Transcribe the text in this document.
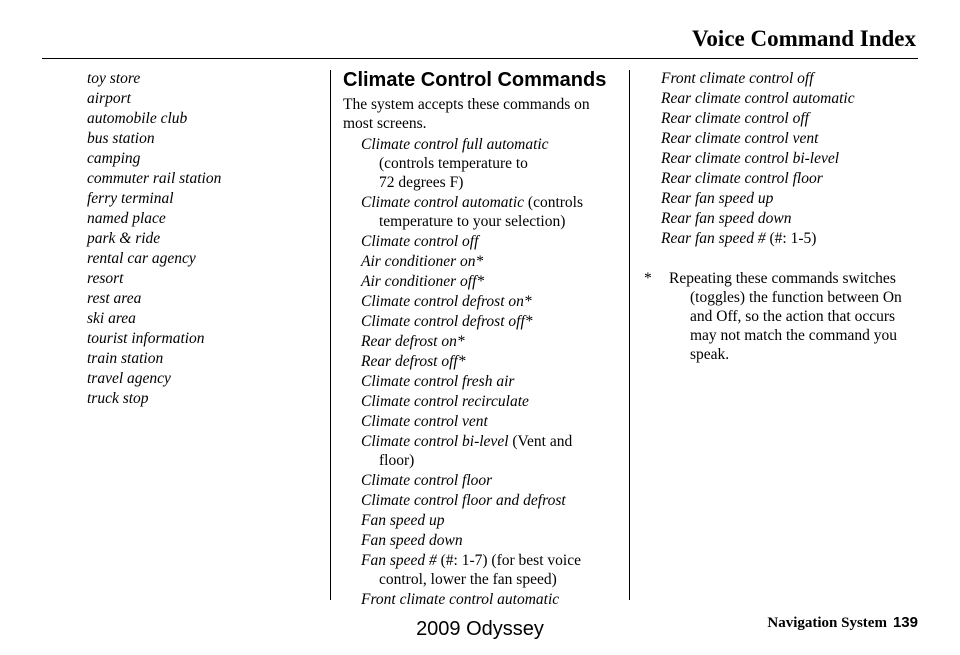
Voice Command Index
toy store
airport
automobile club
bus station
camping
commuter rail station
ferry terminal
named place
park & ride
rental car agency
resort
rest area
ski area
tourist information
train station
travel agency
truck stop
Climate Control Commands
The system accepts these commands on most screens.
Climate control full automatic
(controls temperature to
72 degrees F)
Climate control automatic (controls
temperature to your selection)
Climate control off
Air conditioner on*
Air conditioner off*
Climate control defrost on*
Climate control defrost off*
Rear defrost on*
Rear defrost off*
Climate control fresh air
Climate control recirculate
Climate control vent
Climate control bi-level (Vent and
floor)
Climate control floor
Climate control floor and defrost
Fan speed up
Fan speed down
Fan speed # (#: 1-7) (for best voice
control, lower the fan speed)
Front climate control automatic
Front climate control off
Rear climate control automatic
Rear climate control off
Rear climate control vent
Rear climate control bi-level
Rear climate control floor
Rear fan speed up
Rear fan speed down
Rear fan speed # (#: 1-5)
* Repeating these commands switches
(toggles) the function between On
and Off, so the action that occurs
may not match the command you
speak.
Navigation System 139
2009 Odyssey
